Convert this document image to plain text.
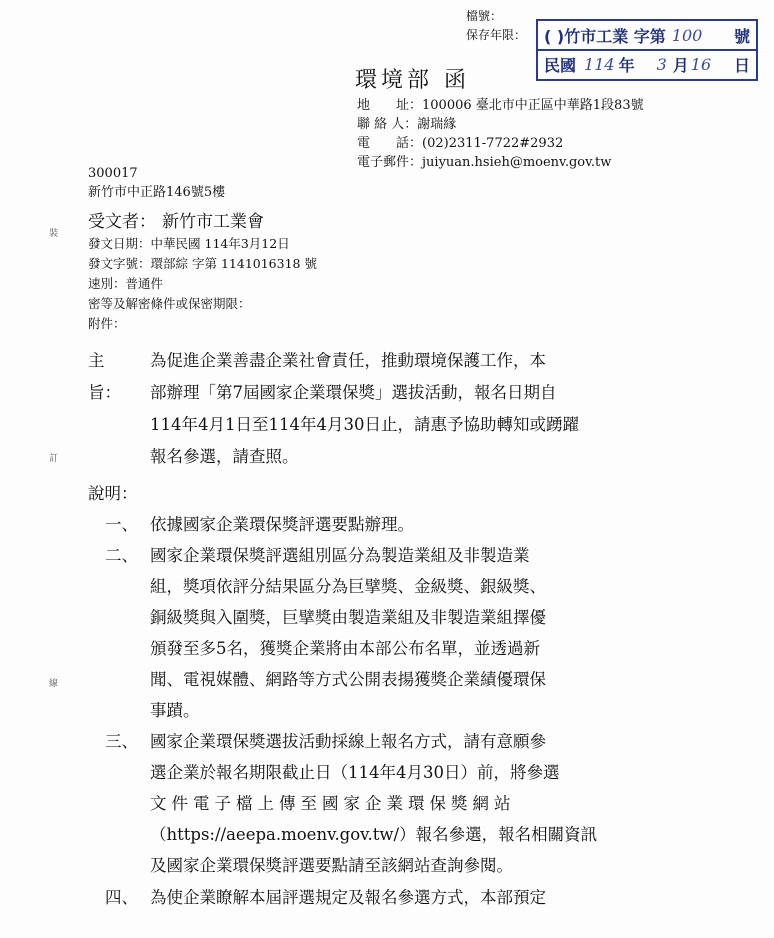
檔號：
保存年限： ( )竹市工業 字第 100 號
民國 114 年 3 月 16 日
環境部 函
地　　址：100006 臺北市中正區中華路1段83號
聯 絡 人：謝瑞緣
電　　話：(02)2311-7722#2932
電子郵件：juiyuan.hsieh@moenv.gov.tw
300017
新竹市中正路146號5樓
受文者： 新竹市工業會
發文日期：中華民國 114年3月12日
發文字號：環部綜 字第 1141016318 號
速別：普通件
密等及解密條件或保密期限：
附件：
裝
訂
線
主旨：
為促進企業善盡企業社會責任，推動環境保護工作，本
部辦理「第7屆國家企業環保獎」選拔活動，報名日期自
114年4月1日至114年4月30日止，請惠予協助轉知或踴躍
報名參選，請查照。
說明：
一、 依據國家企業環保獎評選要點辦理。
二、 國家企業環保獎評選組別區分為製造業組及非製造業
組，獎項依評分結果區分為巨擘獎、金級獎、銀級獎、
銅級獎與入圍獎，巨擘獎由製造業組及非製造業組擇優
頒發至多5名，獲獎企業將由本部公布名單，並透過新
聞、電視媒體、網路等方式公開表揚獲獎企業績優環保
事蹟。
三、 國家企業環保獎選拔活動採線上報名方式，請有意願參
選企業於報名期限截止日（114年4月30日）前，將參選
文件電子檔上傳至國家企業環保獎網站
（https://aeepa.moenv.gov.tw/）報名參選，報名相關資訊
及國家企業環保獎評選要點請至該網站查詢參閱。
四、 為使企業瞭解本屆評選規定及報名參選方式，本部預定
